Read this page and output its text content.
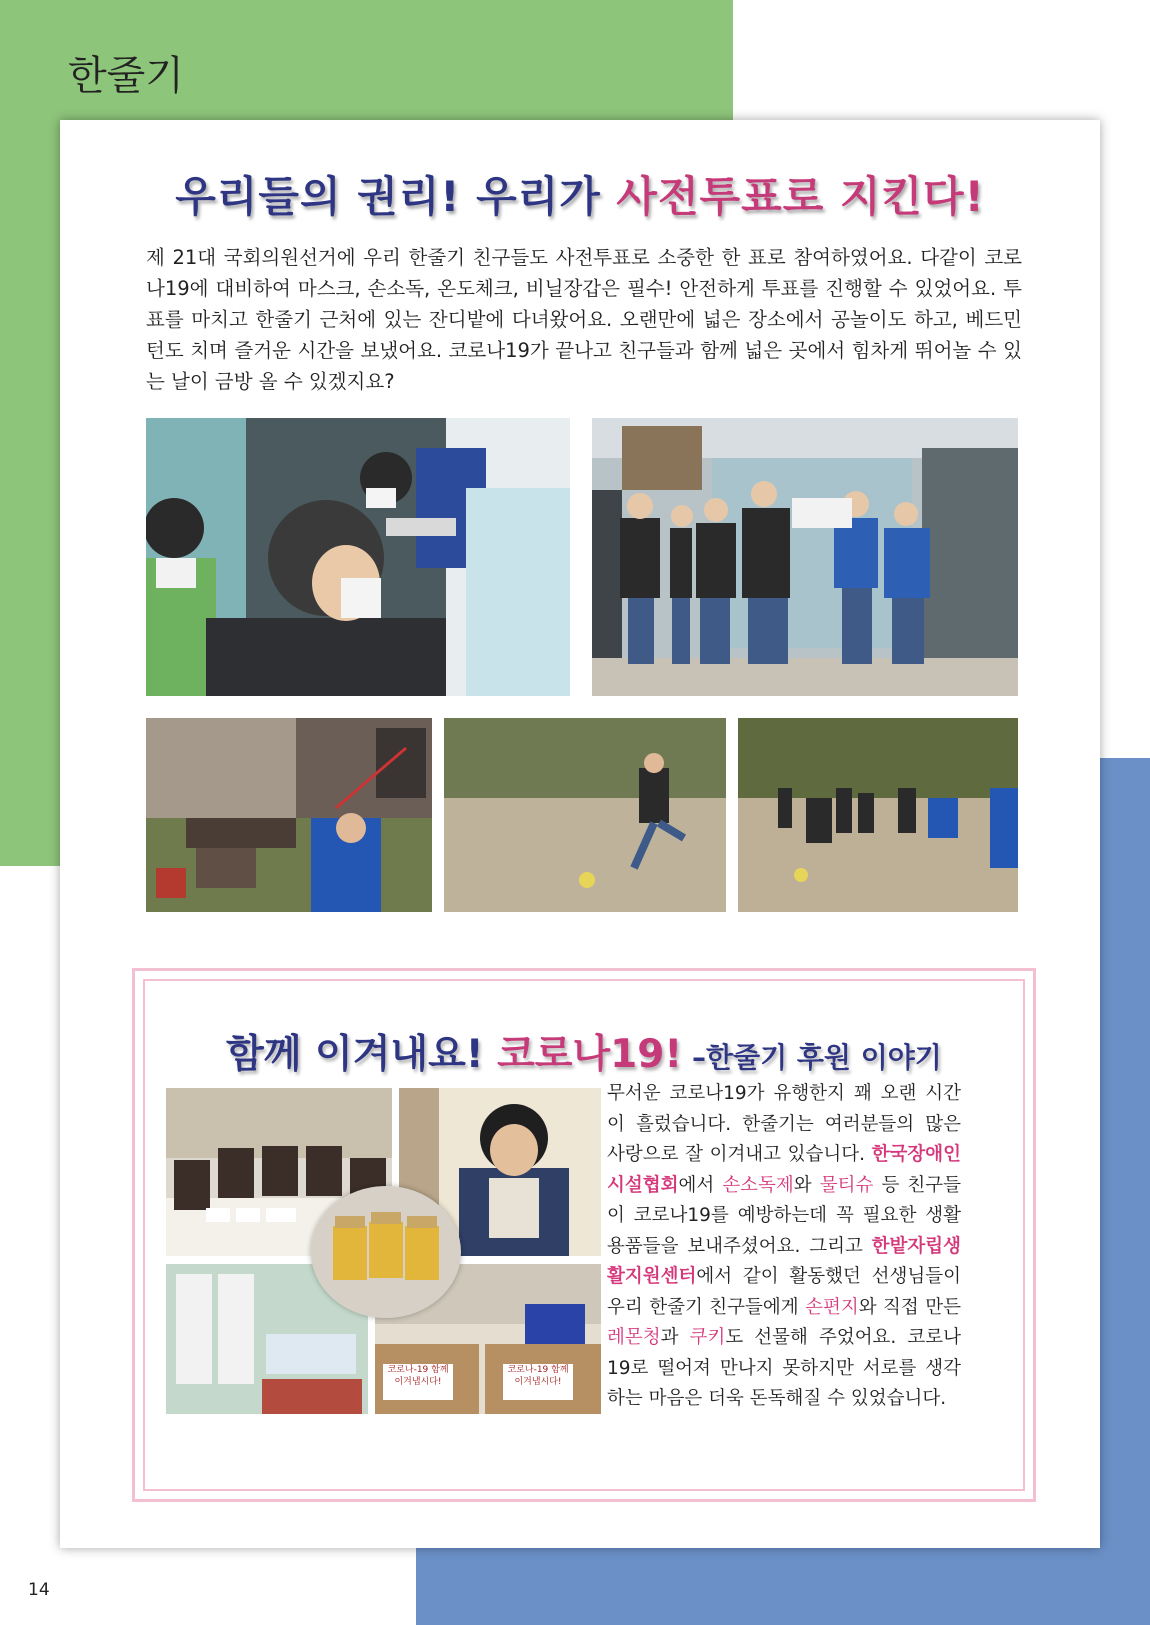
한줄기
우리들의 권리! 우리가 사전투표로 지킨다!
제 21대 국회의원선거에 우리 한줄기 친구들도 사전투표로 소중한 한 표로 참여하였어요. 다같이 코로나19에 대비하여 마스크, 손소독, 온도체크, 비닐장갑은 필수! 안전하게 투표를 진행할 수 있었어요. 투표를 마치고 한줄기 근처에 있는 잔디밭에 다녀왔어요. 오랜만에 넓은 장소에서 공놀이도 하고, 베드민턴도 치며 즐거운 시간을 보냈어요. 코로나19가 끝나고 친구들과 함께 넓은 곳에서 힘차게 뛰어놀 수 있는 날이 금방 올 수 있겠지요?
함께 이겨내요! 코로나19! –한줄기 후원 이야기
코로나-19 함께 이겨냅시다!
코로나-19 함께 이겨냅시다!
무서운 코로나19가 유행한지 꽤 오랜 시간이 흘렀습니다. 한줄기는 여러분들의 많은 사랑으로 잘 이겨내고 있습니다. 한국장애인시설협회에서 손소독제와 물티슈 등 친구들이 코로나19를 예방하는데 꼭 필요한 생활용품들을 보내주셨어요. 그리고 한밭자립생활지원센터에서 같이 활동했던 선생님들이 우리 한줄기 친구들에게 손편지와 직접 만든 레몬청과 쿠키도 선물해 주었어요. 코로나19로 떨어져 만나지 못하지만 서로를 생각하는 마음은 더욱 돈독해질 수 있었습니다.
14
